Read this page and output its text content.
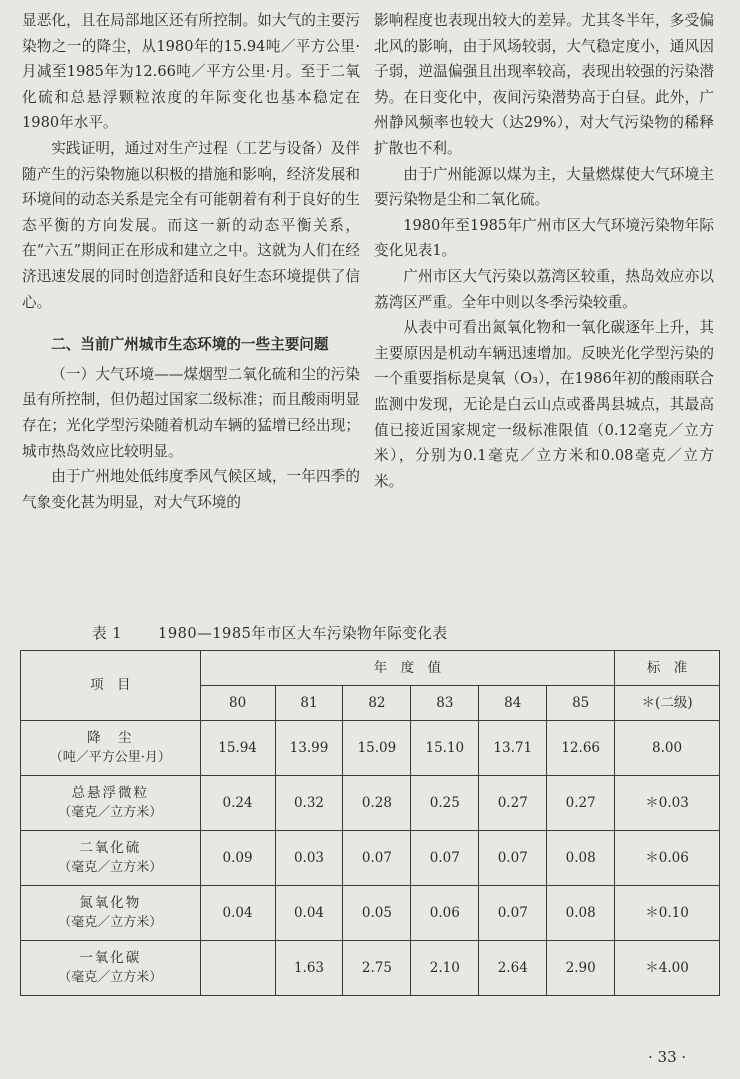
显恶化，且在局部地区还有所控制。如大气的主要污染物之一的降尘，从1980年的15.94吨／平方公里·月减至1985年为12.66吨／平方公里·月。至于二氧化硫和总悬浮颗粒浓度的年际变化也基本稳定在1980年水平。

实践证明，通过对生产过程（工艺与设备）及伴随产生的污染物施以积极的措施和影响，经济发展和环境间的动态关系是完全有可能朝着有利于良好的生态平衡的方向发展。而这一新的动态平衡关系，在“六五”期间正在形成和建立之中。这就为人们在经济迅速发展的同时创造舒适和良好生态环境提供了信心。

二、当前广州城市生态环境的一些主要问题

（一）大气环境——煤烟型二氧化硫和尘的污染虽有所控制，但仍超过国家二级标准；而且酸雨明显存在；光化学型污染随着机动车辆的猛增已经出现；城市热岛效应比较明显。

由于广州地处低纬度季风气候区域，一年四季的气象变化甚为明显，对大气环境的

影响程度也表现出较大的差异。尤其冬半年，多受偏北风的影响，由于风场较弱，大气稳定度小，通风因子弱，逆温偏强且出现率较高，表现出较强的污染潜势。在日变化中，夜间污染潜势高于白昼。此外，广州静风频率也较大（达29%），对大气污染物的稀释扩散也不利。

由于广州能源以煤为主，大量燃煤使大气环境主要污染物是尘和二氧化硫。

1980年至1985年广州市区大气环境污染物年际变化见表1。

广州市区大气污染以荔湾区较重，热岛效应亦以荔湾区严重。全年中则以冬季污染较重。

从表中可看出氮氧化物和一氧化碳逐年上升，其主要原因是机动车辆迅速增加。反映光化学型污染的一个重要指标是臭氧（O₃），在1986年初的酸雨联合监测中发现，无论是白云山点或番禺县城点，其最高值已接近国家规定一级标准限值（0.12毫克／立方米），分别为0.1毫克／立方米和0.08毫克／立方米。

表 1 1980—1985年市区大车污染物年际变化表
项　目	年　度　值						标　准
	80	81	82	83	84	85	＊(二级)

降　尘
（吨／平方公里·月）	15.94	13.99	15.09	15.10	13.71	12.66	8.00

总悬浮微粒
（毫克／立方米）	0.24	0.32	0.28	0.25	0.27	0.27	＊0.03

二氧化硫
（毫克／立方米）	0.09	0.03	0.07	0.07	0.07	0.08	＊0.06

氮氧化物
（毫克／立方米）	0.04	0.04	0.05	0.06	0.07	0.08	＊0.10

一氧化碳
（毫克／立方米）		1.63	2.75	2.10	2.64	2.90	＊4.00
· 33 ·
